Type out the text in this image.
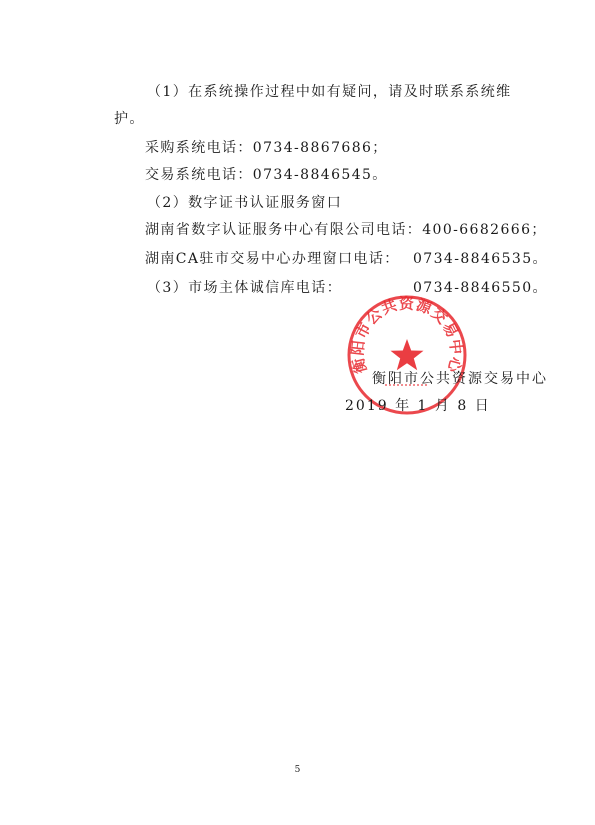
（1）在系统操作过程中如有疑问，请及时联系系统维
护。
采购系统电话：0734-8867686；
交易系统电话：0734-8846545。
（2）数字证书认证服务窗口
湖南省数字认证服务中心有限公司电话：400-6682666；
湖南CA驻市交易中心办理窗口电话： 0734-8846535。
（3）市场主体诚信库电话：	0734-8846550。
衡阳市公共资源交易中心
衡阳市公共资源交易中心
2019 年 1 月 8 日
5
